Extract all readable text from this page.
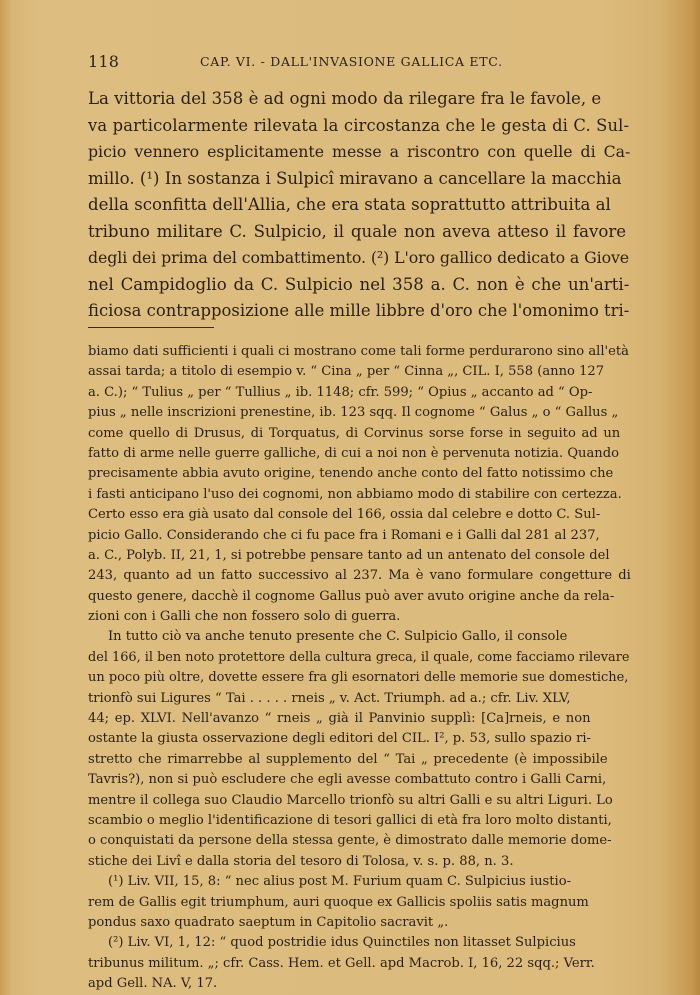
118	CAP. VI. - DALL'INVASIONE GALLICA ETC.
La vittoria del 358 è ad ogni modo da rilegare fra le favole, e
va particolarmente rilevata la circostanza che le gesta di C. Sul-
picio vennero esplicitamente messe a riscontro con quelle di Ca-
millo. (¹) In sostanza i Sulpicî miravano a cancellare la macchia
della sconfitta dell'Allia, che era stata soprattutto attribuita al
tribuno militare C. Sulpicio, il quale non aveva atteso il favore
degli dei prima del combattimento. (²) L'oro gallico dedicato a Giove
nel Campidoglio da C. Sulpicio nel 358 a. C. non è che un'arti-
ficiosa contrapposizione alle mille libbre d'oro che l'omonimo tri-
biamo dati sufficienti i quali ci mostrano come tali forme perdurarono sino all'età
assai tarda; a titolo di esempio v. “ Cina „ per “ Cinna „, CIL. I, 558 (anno 127
a. C.); “ Tulius „ per “ Tullius „ ib. 1148; cfr. 599; “ Opius „ accanto ad “ Op-
pius „ nelle inscrizioni prenestine, ib. 123 sqq. Il cognome “ Galus „ o “ Gallus „
come quello di Drusus, di Torquatus, di Corvinus sorse forse in seguito ad un
fatto di arme nelle guerre galliche, di cui a noi non è pervenuta notizia. Quando
precisamente abbia avuto origine, tenendo anche conto del fatto notissimo che
i fasti anticipano l'uso dei cognomi, non abbiamo modo di stabilire con certezza.
Certo esso era già usato dal console del 166, ossia dal celebre e dotto C. Sul-
picio Gallo. Considerando che ci fu pace fra i Romani e i Galli dal 281 al 237,
a. C., Polyb. II, 21, 1, si potrebbe pensare tanto ad un antenato del console del
243, quanto ad un fatto successivo al 237. Ma è vano formulare congetture di
questo genere, dacchè il cognome Gallus può aver avuto origine anche da rela-
zioni con i Galli che non fossero solo di guerra.
In tutto ciò va anche tenuto presente che C. Sulpicio Gallo, il console
del 166, il ben noto protettore della cultura greca, il quale, come facciamo rilevare
un poco più oltre, dovette essere fra gli esornatori delle memorie sue domestiche,
trionfò sui Ligures “ Tai . . . . . rneis „ v. Act. Triumph. ad a.; cfr. Liv. XLV,
44; ep. XLVI. Nell'avanzo “ rneis „ già il Panvinio supplì: [Ca]rneis, e non
ostante la giusta osservazione degli editori del CIL. I², p. 53, sullo spazio ri-
stretto che rimarrebbe al supplemento del “ Tai „ precedente (è impossibile
Tavris?), non si può escludere che egli avesse combattuto contro i Galli Carni,
mentre il collega suo Claudio Marcello trionfò su altri Galli e su altri Liguri. Lo
scambio o meglio l'identificazione di tesori gallici di età fra loro molto distanti,
o conquistati da persone della stessa gente, è dimostrato dalle memorie dome-
stiche dei Livî e dalla storia del tesoro di Tolosa, v. s. p. 88, n. 3.
(¹) Liv. VII, 15, 8: “ nec alius post M. Furium quam C. Sulpicius iustio-
rem de Gallis egit triumphum, auri quoque ex Gallicis spoliis satis magnum
pondus saxo quadrato saeptum in Capitolio sacravit „.
(²) Liv. VI, 1, 12: “ quod postridie idus Quinctiles non litasset Sulpicius
tribunus militum. „; cfr. Cass. Hem. et Gell. apd Macrob. I, 16, 22 sqq.; Verr.
apd Gell. NA. V, 17.
